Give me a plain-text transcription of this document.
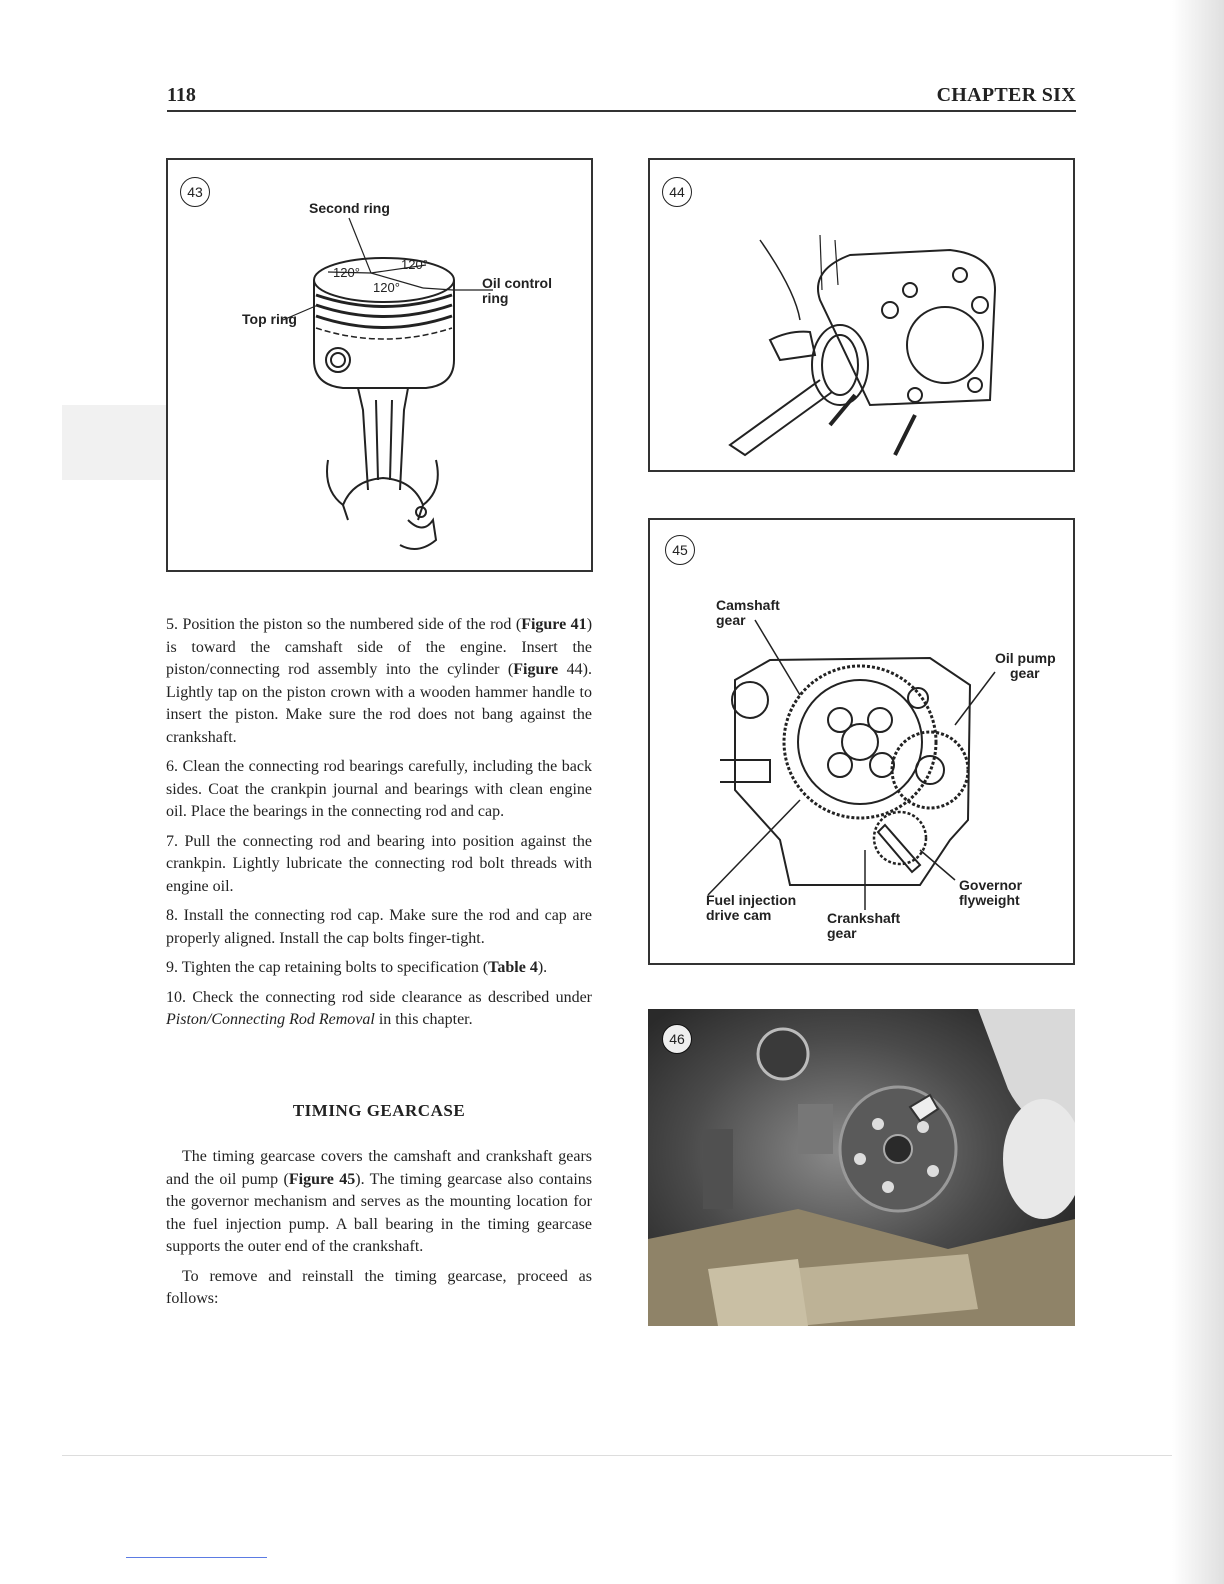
118	CHAPTER SIX
43
Second ring
120°
120°
120°	Oil control
ring
Top ring
44
45
Camshaft
gear
Oil pump
gear
Fuel injection
drive cam	Crankshaft
gear
Governor
flyweight
46

5. Position the piston so the numbered side of the rod (Figure 41) is toward the camshaft side of the engine. Insert the piston/connecting rod assembly into the cylinder (Figure 44). Lightly tap on the piston crown with a wooden hammer handle to insert the piston. Make sure the rod does not bang against the crankshaft.

6. Clean the connecting rod bearings carefully, including the back sides. Coat the crankpin journal and bearings with clean engine oil. Place the bearings in the connecting rod and cap.

7. Pull the connecting rod and bearing into position against the crankpin. Lightly lubricate the connecting rod bolt threads with engine oil.

8. Install the connecting rod cap. Make sure the rod and cap are properly aligned. Install the cap bolts finger-tight.

9. Tighten the cap retaining bolts to specification (Table 4).

10. Check the connecting rod side clearance as described under Piston/Connecting Rod Removal in this chapter.

TIMING GEARCASE

The timing gearcase covers the camshaft and crankshaft gears and the oil pump (Figure 45). The timing gearcase also contains the governor mechanism and serves as the mounting location for the fuel injection pump. A ball bearing in the timing gearcase supports the outer end of the crankshaft.

To remove and reinstall the timing gearcase, proceed as follows:
